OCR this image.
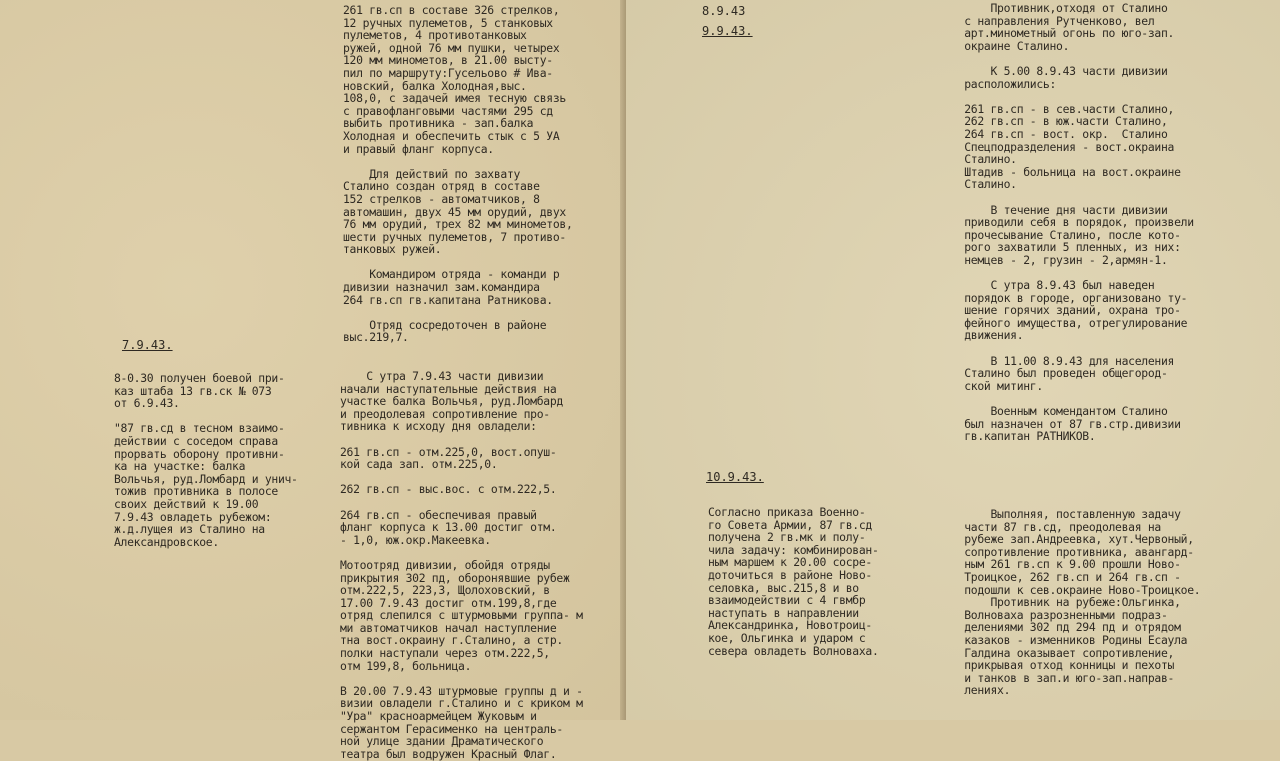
7.9.43.
8-0.30 получен боевой при-
каз штаба 13 гв.ск № 073
от 6.9.43.

"87 гв.сд в тесном взаимо-
действии с соседом справа
прорвать оборону противни-
ка на участке: балка
Вольчья, руд.Ломбард и унич-
тожив противника в полосе
своих действий к 19.00
7.9.43 овладеть рубежом:
ж.д.лущея из Сталино на
Александровское.
261 гв.сп в составе 326 стрелков,
12 ручных пулеметов, 5 станковых
пулеметов, 4 противотанковых
ружей, одной 76 мм пушки, четырех
120 мм минометов, в 21.00 высту-
пил по маршруту:Гусельово # Ива-
новский, балка Холодная,выс.
108,0, с задачей имея тесную связь
с правофланговыми частями 295 сд
выбить противника - зап.балка
Холодная и обеспечить стык с 5 УА
и правый фланг корпуса.

Для действий по захвату
Сталино создан отряд в составе
152 стрелков - автоматчиков, 8
автомашин, двух 45 мм орудий, двух
76 мм орудий, трех 82 мм минометов,
шести ручных пулеметов, 7 противо-
танковых ружей.

Командиром отряда - команди р
дивизии назначил зам.командира
264 гв.сп гв.капитана Ратникова.

Отряд сосредоточен в районе
выс.219,7.
С утра 7.9.43 части дивизии
начали наступательные действия на
участке балка Вольчья, руд.Ломбард
и преодолевая сопротивление про-
тивника к исходу дня овладели:

261 гв.сп - отм.225,0, вост.опуш-
кой сада зап. отм.225,0.

262 гв.сп - выс.вос. с отм.222,5.

264 гв.сп - обеспечивая правый
фланг корпуса к 13.00 достиг отм.
- 1,0, юж.окр.Макеевка.

Мотоотряд дивизии, обойдя отряды
прикрытия 302 пд, оборонявшие рубеж
отм.222,5, 223,3, Щолоховский, в
17.00 7.9.43 достиг отм.199,8,где
отряд слепился с штурмовыми группа- м
ми автоматчиков начал наступление
тна вост.окраину г.Сталино, а стр.
полки наступали через отм.222,5,
отм 199,8, больница.

В 20.00 7.9.43 штурмовые группы д и -
визии овладели г.Сталино и с криком м
"Ура" красноармейцем Жуковым и
сержантом Герасименко на централь-
ной улице здании Драматического
театра был водружен Красный Флаг.
8.9.43
9.9.43.
10.9.43.
Противник,отходя от Сталино
с направления Рутченково, вел
арт.минометный огонь по юго-зап.
окраине Сталино.

К 5.00 8.9.43 части дивизии
расположились:

261 гв.сп - в сев.части Сталино,
262 гв.сп - в юж.части Сталино,
264 гв.сп - вост. окр.  Сталино
Спецподразделения - вост.окраина
Сталино.
Штадив - больница на вост.окраине
Сталино.

В течение дня части дивизии
приводили себя в порядок, произвели
прочесывание Сталино, после кото-
рого захватили 5 пленных, из них:
немцев - 2, грузин - 2,армян-1.

С утра 8.9.43 был наведен
порядок в городе, организовано ту-
шение горячих зданий, охрана тро-
фейного имущества, отрегулирование
движения.

В 11.00 8.9.43 для населения
Сталино был проведен общегород-
ской митинг.

Военным комендантом Сталино
был назначен от 87 гв.стр.дивизии
гв.капитан РАТНИКОВ.
Согласно приказа Военно-
го Совета Армии, 87 гв.сд
получена 2 гв.мк и полу-
чила задачу: комбинирован-
ным маршем к 20.00 сосре-
доточиться в районе Ново-
селовка, выс.215,8 и во
взаимодействии с 4 гвмбр
наступать в направлении
Александринка, Новотроиц-
кое, Ольгинка и ударом с
севера овладеть Волновахa.
Выполняя, поставленную задачу
части 87 гв.сд, преодолевая на
рубеже зап.Андреевка, хут.Червоный,
сопротивление противника, авангард-
ным 261 гв.сп к 9.00 прошли Ново-
Троицкое, 262 гв.сп и 264 гв.сп -
подошли к сев.окраине Ново-Троицкое.
Противник на рубеже:Ольгинка,
Волноваха разрозненными подраз-
делениями 302 пд 294 пд и отрядом
казаков - изменников Родины Есаула
Галдина оказывает сопротивление,
прикрывая отход конницы и пехоты
и танков в зап.и юго-зап.направ-
лениях.
